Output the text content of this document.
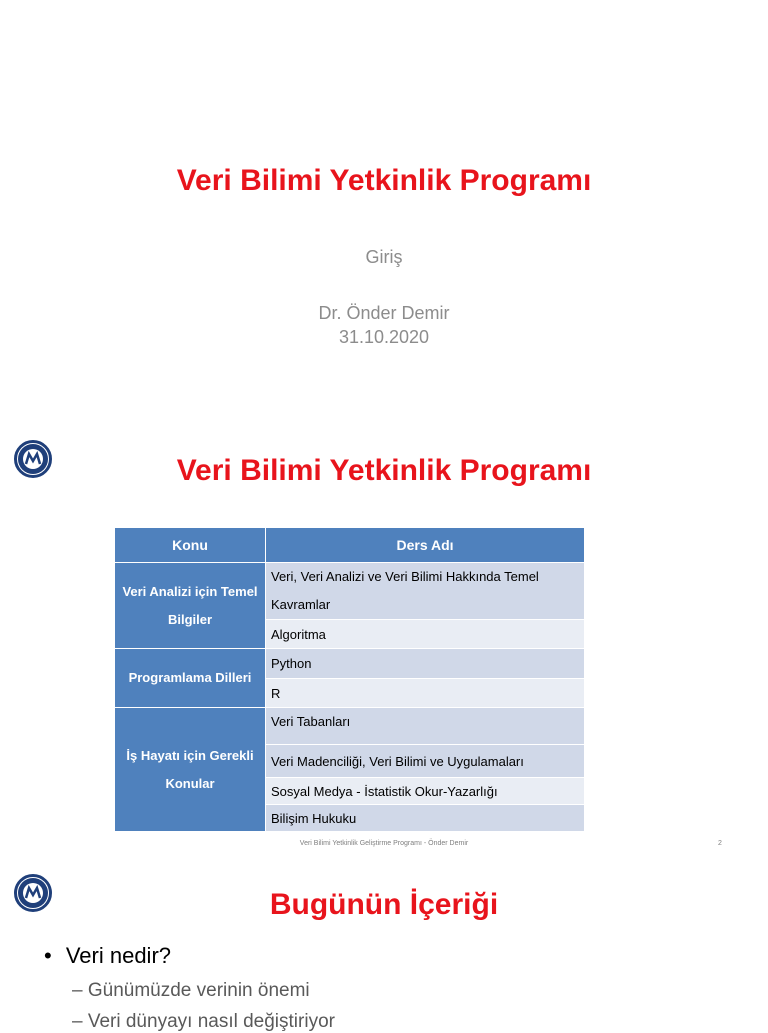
Veri Bilimi Yetkinlik Programı
Giriş
Dr. Önder Demir
31.10.2020
Veri Bilimi Yetkinlik Programı
Konu	Ders Adı
Veri Analizi için Temel Bilgiler	Veri, Veri Analizi ve Veri Bilimi Hakkında Temel Kavramlar
	Algoritma
Programlama Dilleri	Python
	R
İş Hayatı için Gerekli Konular	Veri Tabanları
	Veri Madenciliği, Veri Bilimi ve Uygulamaları
	Sosyal Medya - İstatistik Okur-Yazarlığı
	Bilişim Hukuku
Veri Bilimi Yetkinlik Geliştirme Programı - Önder Demir	2
Bugünün İçeriği
• Veri nedir?
– Günümüzde verinin önemi
– Veri dünyayı nasıl değiştiriyor
